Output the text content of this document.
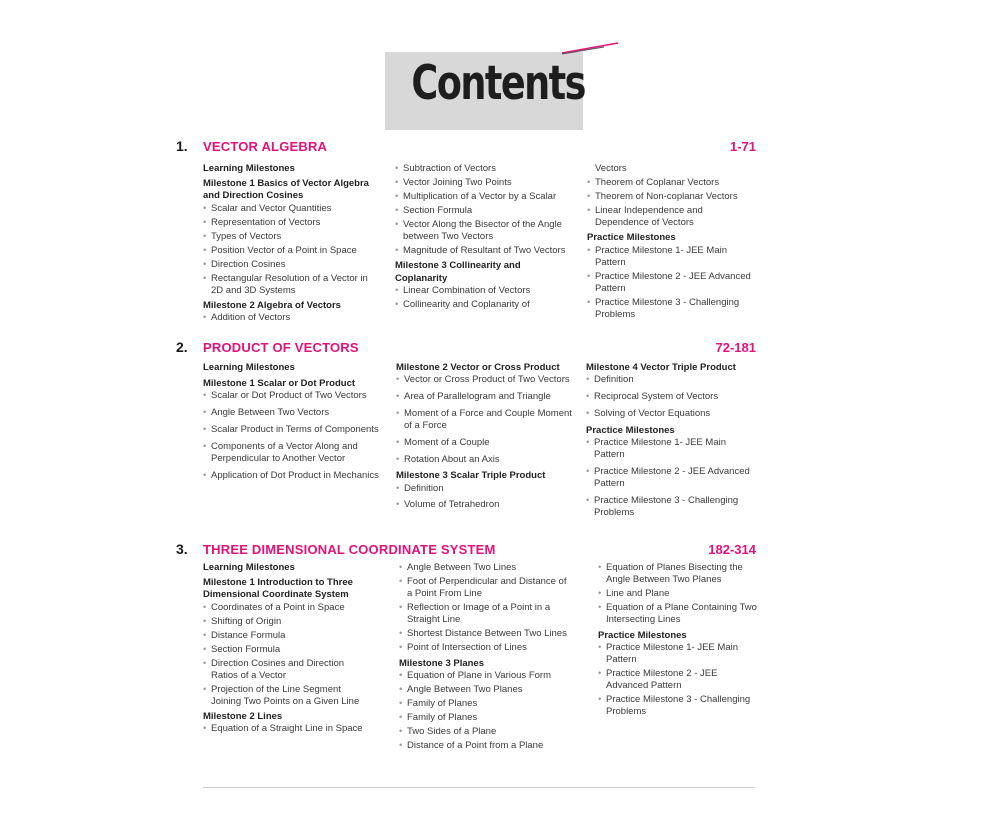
Contents
1. VECTOR ALGEBRA	1-71
Learning Milestones
Milestone 1 Basics of Vector Algebra and Direction Cosines
• Scalar and Vector Quantities
• Representation of Vectors
• Types of Vectors
• Position Vector of a Point in Space
• Direction Cosines
• Rectangular Resolution of a Vector in 2D and 3D Systems
Milestone 2 Algebra of Vectors
• Addition of Vectors
• Subtraction of Vectors
• Vector Joining Two Points
• Multiplication of a Vector by a Scalar
• Section Formula
• Vector Along the Bisector of the Angle between Two Vectors
• Magnitude of Resultant of Two Vectors
Milestone 3 Collinearity and Coplanarity
• Linear Combination of Vectors
• Collinearity and Coplanarity of
Vectors
• Theorem of Coplanar Vectors
• Theorem of Non-coplanar Vectors
• Linear Independence and Dependence of Vectors
Practice Milestones
• Practice Milestone 1- JEE Main Pattern
• Practice Milestone 2 - JEE Advanced Pattern
• Practice Milestone 3 - Challenging Problems
2. PRODUCT OF VECTORS	72-181
Learning Milestones
Milestone 1 Scalar or Dot Product
• Scalar or Dot Product of Two Vectors
• Angle Between Two Vectors
• Scalar Product in Terms of Components
• Components of a Vector Along and Perpendicular to Another Vector
• Application of Dot Product in Mechanics
Milestone 2 Vector or Cross Product
• Vector or Cross Product of Two Vectors
• Area of Parallelogram and Triangle
• Moment of a Force and Couple Moment of a Force
• Moment of a Couple
• Rotation About an Axis
Milestone 3 Scalar Triple Product
• Definition
• Volume of Tetrahedron
Milestone 4 Vector Triple Product
• Definition
• Reciprocal System of Vectors
• Solving of Vector Equations
Practice Milestones
• Practice Milestone 1- JEE Main Pattern
• Practice Milestone 2 - JEE Advanced Pattern
• Practice Milestone 3 - Challenging Problems
3. THREE DIMENSIONAL COORDINATE SYSTEM	182-314
Learning Milestones
Milestone 1 Introduction to Three Dimensional Coordinate System
• Coordinates of a Point in Space
• Shifting of Origin
• Distance Formula
• Section Formula
• Direction Cosines and Direction Ratios of a Vector
• Projection of the Line Segment Joining Two Points on a Given Line
Milestone 2 Lines
• Equation of a Straight Line in Space
• Angle Between Two Lines
• Foot of Perpendicular and Distance of a Point From Line
• Reflection or Image of a Point in a Straight Line
• Shortest Distance Between Two Lines
• Point of Intersection of Lines
Milestone 3 Planes
• Equation of Plane in Various Form
• Angle Between Two Planes
• Family of Planes
• Family of Planes
• Two Sides of a Plane
• Distance of a Point from a Plane
• Equation of Planes Bisecting the Angle Between Two Planes
• Line and Plane
• Equation of a Plane Containing Two Intersecting Lines
Practice Milestones
• Practice Milestone 1- JEE Main Pattern
• Practice Milestone 2 - JEE Advanced Pattern
• Practice Milestone 3 - Challenging Problems
